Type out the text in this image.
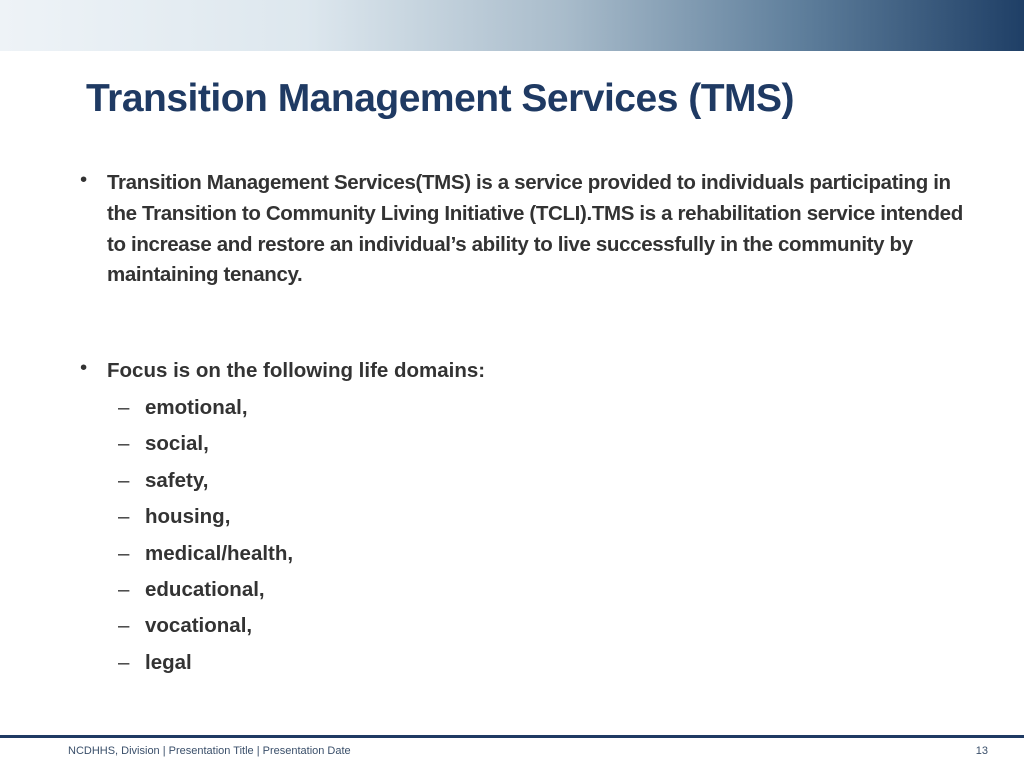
Transition Management Services (TMS)
• Transition Management Services(TMS) is a service provided to individuals participating in the Transition to Community Living Initiative (TCLI).TMS is a rehabilitation service intended to increase and restore an individual’s ability to live successfully in the community by maintaining tenancy.
• Focus is on the following life domains:
– emotional,
– social,
– safety,
– housing,
– medical/health,
– educational,
– vocational,
– legal
NCDHHS, Division | Presentation Title | Presentation Date	13
